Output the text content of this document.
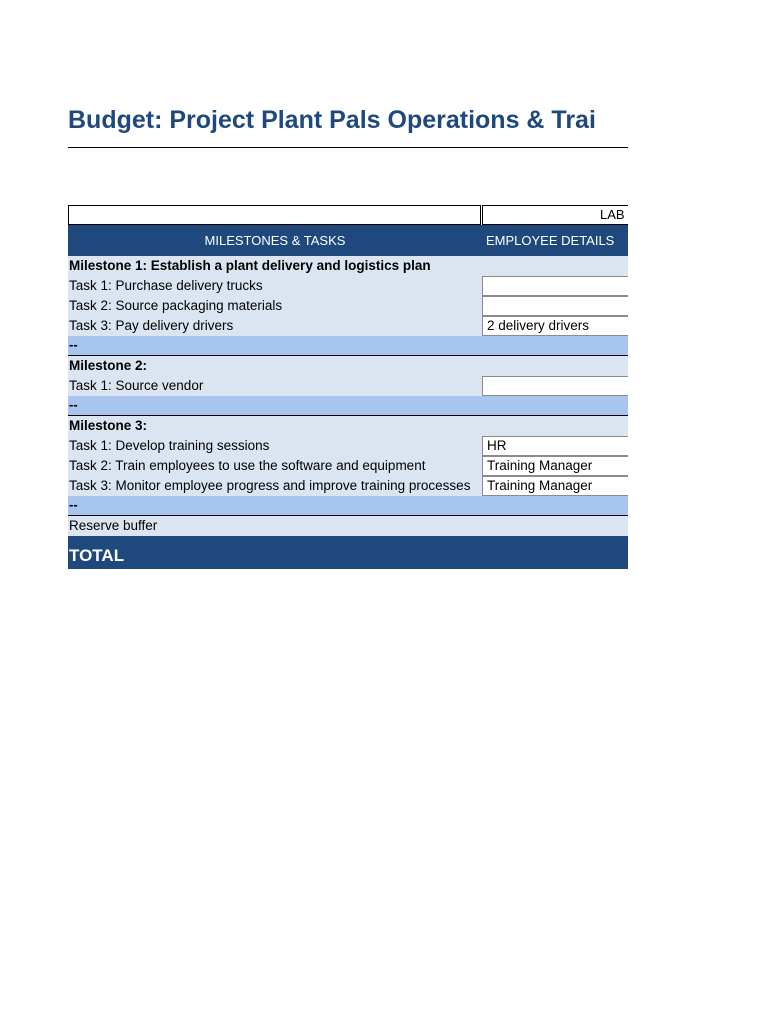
Budget: Project Plant Pals Operations & Trai
LAB
MILESTONES & TASKS	EMPLOYEE DETAILS
Milestone 1: Establish a plant delivery and logistics plan
Task 1: Purchase delivery trucks
Task 2: Source packaging materials
Task 3: Pay delivery drivers	2 delivery drivers
--
Milestone 2:
Task 1: Source vendor
--
Milestone 3:
Task 1: Develop training sessions	HR
Task 2: Train employees to use the software and equipment	Training Manager
Task 3: Monitor employee progress and improve training processes	Training Manager
--
Reserve buffer
TOTAL
